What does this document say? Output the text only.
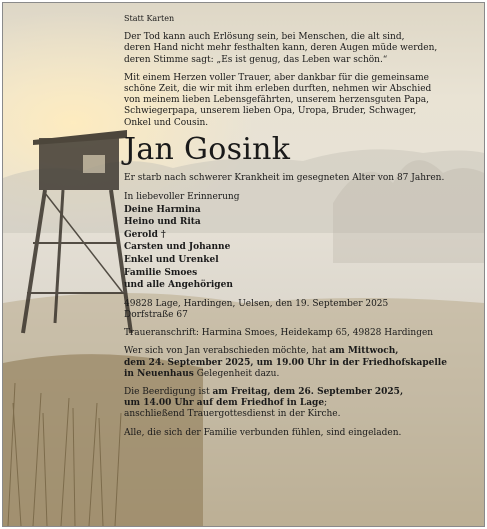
Statt Karten

Der Tod kann auch Erlösung sein, bei Menschen, die alt sind,

deren Hand nicht mehr festhalten kann, deren Augen müde werden,

deren Stimme sagt: „Es ist genug, das Leben war schön.“

Mit einem Herzen voller Trauer, aber dankbar für die gemeinsame

schöne Zeit, die wir mit ihm erleben durften, nehmen wir Abschied

von meinem lieben Lebensgefährten, unserem herzensguten Papa,

Schwiegerpapa, unserem lieben Opa, Uropa, Bruder, Schwager,

Onkel und Cousin.

Jan Gosink

Er starb nach schwerer Krankheit im gesegneten Alter von 87 Jahren.

In liebevoller Erinnerung

Deine Harmina

Heino und Rita

Gerold †

Carsten und Johanne

Enkel und Urenkel

Familie Smoes

und alle Angehörigen

49828 Lage, Hardingen, Uelsen, den 19. September 2025

Dorfstraße 67

Traueranschrift: Harmina Smoes, Heidekamp 65, 49828 Hardingen

Wer sich von Jan verabschieden möchte, hat am Mittwoch,

dem 24. September 2025, um 19.00 Uhr in der Friedhofskapelle

in Neuenhaus Gelegenheit dazu.

Die Beerdigung ist am Freitag, dem 26. September 2025,

um 14.00 Uhr auf dem Friedhof in Lage;

anschließend Trauergottesdienst in der Kirche.

Alle, die sich der Familie verbunden fühlen, sind eingeladen.
